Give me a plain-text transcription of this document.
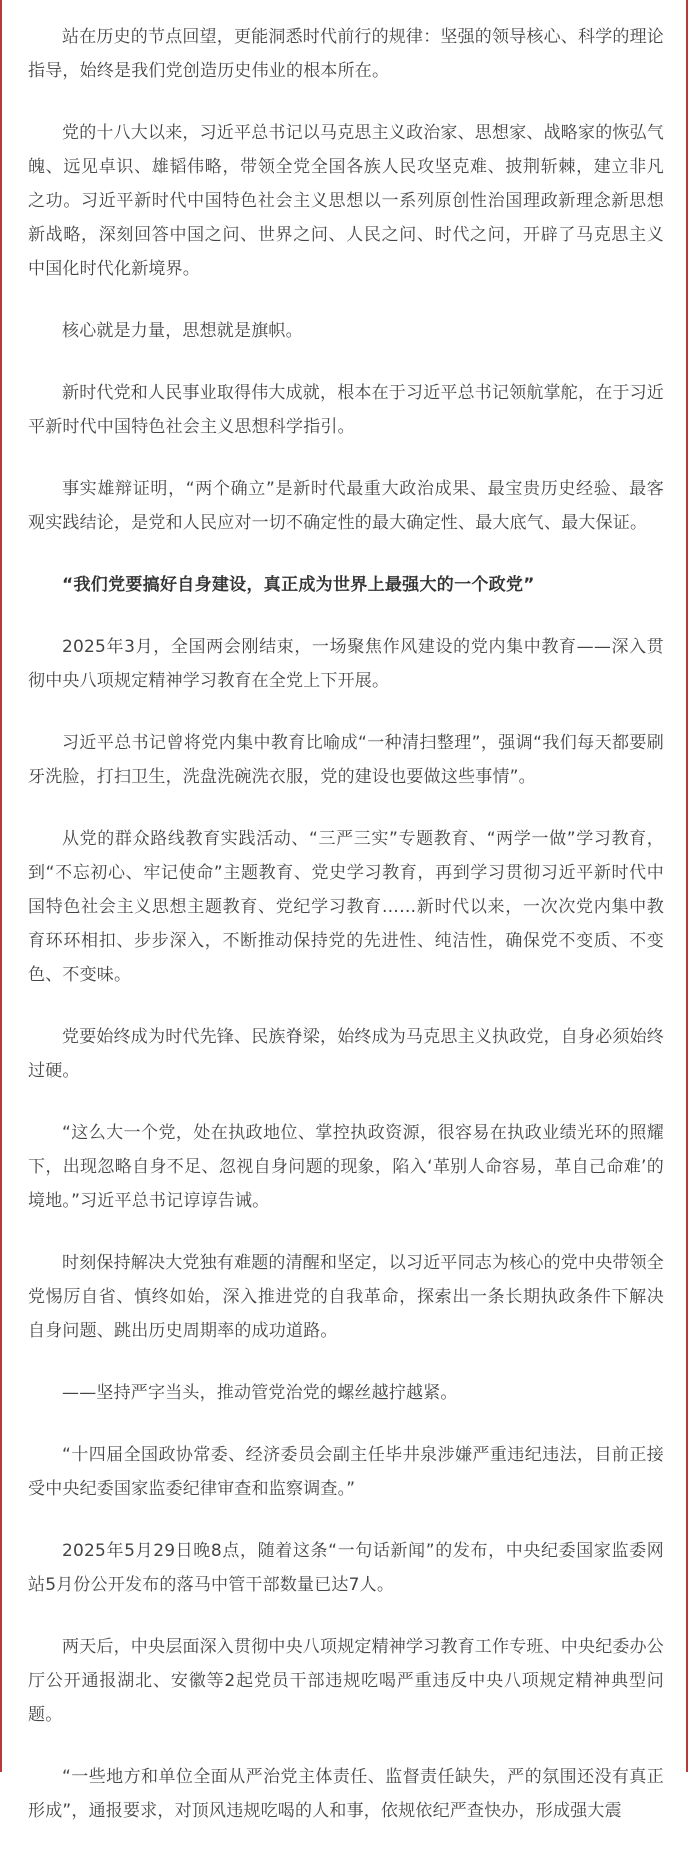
站在历史的节点回望，更能洞悉时代前行的规律：坚强的领导核心、科学的理论指导，始终是我们党创造历史伟业的根本所在。

党的十八大以来，习近平总书记以马克思主义政治家、思想家、战略家的恢弘气魄、远见卓识、雄韬伟略，带领全党全国各族人民攻坚克难、披荆斩棘，建立非凡之功。习近平新时代中国特色社会主义思想以一系列原创性治国理政新理念新思想新战略，深刻回答中国之问、世界之问、人民之问、时代之问，开辟了马克思主义中国化时代化新境界。

核心就是力量，思想就是旗帜。

新时代党和人民事业取得伟大成就，根本在于习近平总书记领航掌舵，在于习近平新时代中国特色社会主义思想科学指引。

事实雄辩证明，“两个确立”是新时代最重大政治成果、最宝贵历史经验、最客观实践结论，是党和人民应对一切不确定性的最大确定性、最大底气、最大保证。

“我们党要搞好自身建设，真正成为世界上最强大的一个政党”

2025年3月，全国两会刚结束，一场聚焦作风建设的党内集中教育——深入贯彻中央八项规定精神学习教育在全党上下开展。

习近平总书记曾将党内集中教育比喻成“一种清扫整理”，强调“我们每天都要刷牙洗脸，打扫卫生，洗盘洗碗洗衣服，党的建设也要做这些事情”。

从党的群众路线教育实践活动、“三严三实”专题教育、“两学一做”学习教育，到“不忘初心、牢记使命”主题教育、党史学习教育，再到学习贯彻习近平新时代中国特色社会主义思想主题教育、党纪学习教育……新时代以来，一次次党内集中教育环环相扣、步步深入，不断推动保持党的先进性、纯洁性，确保党不变质、不变色、不变味。

党要始终成为时代先锋、民族脊梁，始终成为马克思主义执政党，自身必须始终过硬。

“这么大一个党，处在执政地位、掌控执政资源，很容易在执政业绩光环的照耀下，出现忽略自身不足、忽视自身问题的现象，陷入‘革别人命容易，革自己命难’的境地。”习近平总书记谆谆告诫。

时刻保持解决大党独有难题的清醒和坚定，以习近平同志为核心的党中央带领全党惕厉自省、慎终如始，深入推进党的自我革命，探索出一条长期执政条件下解决自身问题、跳出历史周期率的成功道路。

——坚持严字当头，推动管党治党的螺丝越拧越紧。

“十四届全国政协常委、经济委员会副主任毕井泉涉嫌严重违纪违法，目前正接受中央纪委国家监委纪律审查和监察调查。”

2025年5月29日晚8点，随着这条“一句话新闻”的发布，中央纪委国家监委网站5月份公开发布的落马中管干部数量已达7人。

两天后，中央层面深入贯彻中央八项规定精神学习教育工作专班、中央纪委办公厅公开通报湖北、安徽等2起党员干部违规吃喝严重违反中央八项规定精神典型问题。

“一些地方和单位全面从严治党主体责任、监督责任缺失，严的氛围还没有真正形成”，通报要求，对顶风违规吃喝的人和事，依规依纪严查快办，形成强大震
